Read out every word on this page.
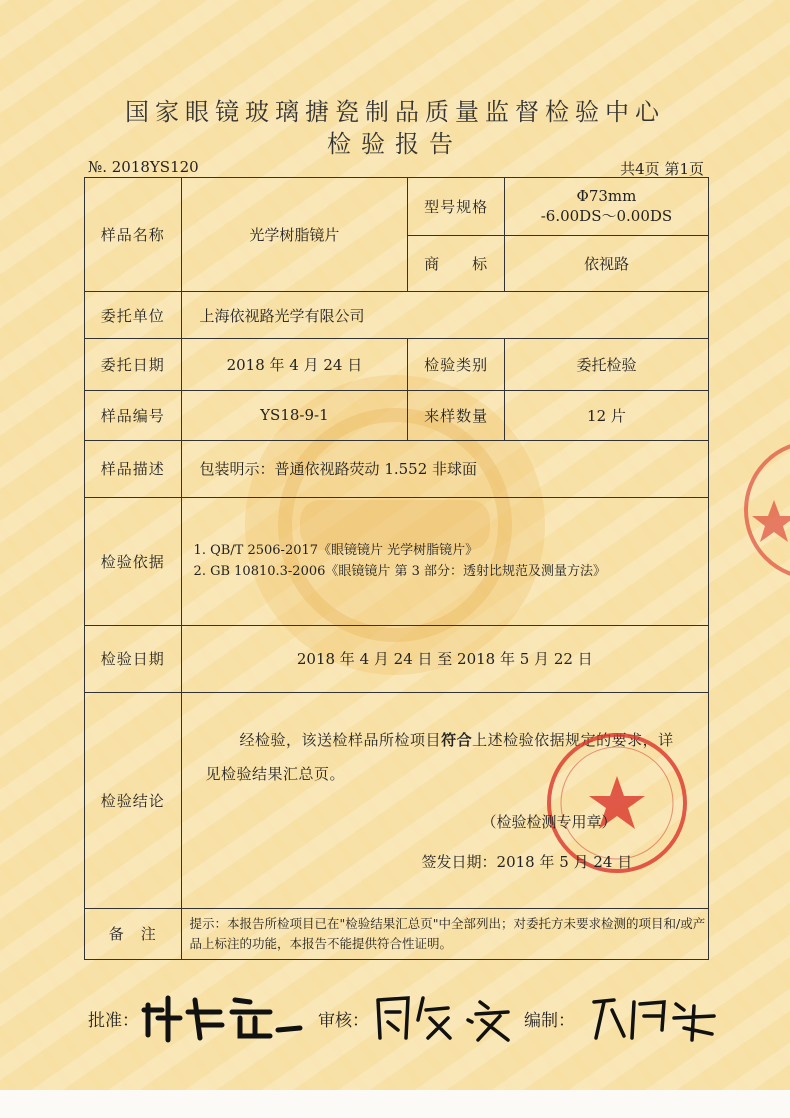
国家眼镜玻璃搪瓷制品质量监督检验中心
检验报告
№. 2018YS120	共4页 第1页
样品名称	光学树脂镜片	型号规格	Φ73mm
-6.00DS～0.00DS

		商　　标	依视路
委托单位	上海依视路光学有限公司		
委托日期	2018 年 4 月 24 日	检验类别	委托检验
样品编号	YS18-9-1	来样数量	12 片
样品描述	包装明示：普通依视路荧动 1.552 非球面		
检验依据	1. QB/T 2506-2017《眼镜镜片 光学树脂镜片》
2. GB 10810.3-2006《眼镜镜片 第 3 部分：透射比规范及测量方法》		

检验日期	2018 年 4 月 24 日 至 2018 年 5 月 22 日		
检验结论	经检验，该送检样品所检项目符合上述检验依据规定的要求，详见检验结果汇总页。
（检验检测专用章）
签发日期：2018 年 5 月 24 日		

备　注	提示：本报告所检项目已在"检验结果汇总页"中全部列出；对委托方未要求检测的项目和/或产品上标注的功能，本报告不能提供符合性证明。		
批准：	审核：	编制：
